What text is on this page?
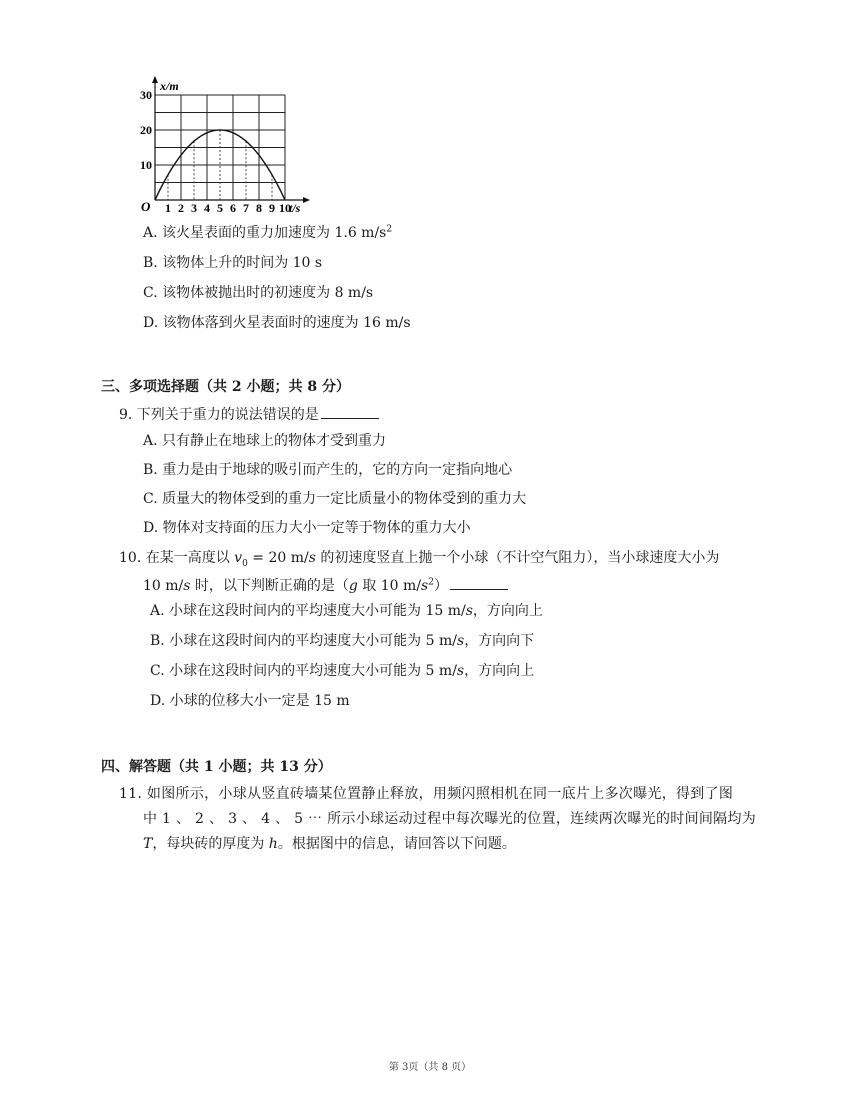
1 2 3 4 5 6 7 8 9 10
10
20
30
x/m
t/s
O
A. 该火星表面的重力加速度为 1.6 $m/s^2$
B. 该物体上升的时间为 10 s
C. 该物体被抛出时的初速度为 8 m/s
D. 该物体落到火星表面时的速度为 16 m/s
三、多项选择题（共 2 小题；共 8 分）
9. 下列关于重力的说法错误的是
A. 只有静止在地球上的物体才受到重力
B. 重力是由于地球的吸引而产生的，它的方向一定指向地心
C. 质量大的物体受到的重力一定比质量小的物体受到的重力大
D. 物体对支持面的压力大小一定等于物体的重力大小
10. 在某一高度以 $v_0 = 20$ m/s 的初速度竖直上抛一个小球（不计空气阻力），当小球速度大小为
10 m/s 时，以下判断正确的是（g 取 10 $m/s^2$）
A. 小球在这段时间内的平均速度大小可能为 15 m/s，方向向上
B. 小球在这段时间内的平均速度大小可能为 5 m/s，方向向下
C. 小球在这段时间内的平均速度大小可能为 5 m/s，方向向上
D. 小球的位移大小一定是 15 m
四、解答题（共 1 小题；共 13 分）
11. 如图所示，小球从竖直砖墙某位置静止释放，用频闪照相机在同一底片上多次曝光，得到了图
中 1 、 2 、 3 、 4 、 5 ⋯ 所示小球运动过程中每次曝光的位置，连续两次曝光的时间间隔均为
T，每块砖的厚度为 h。根据图中的信息，请回答以下问题。
第 3页（共 8 页）
